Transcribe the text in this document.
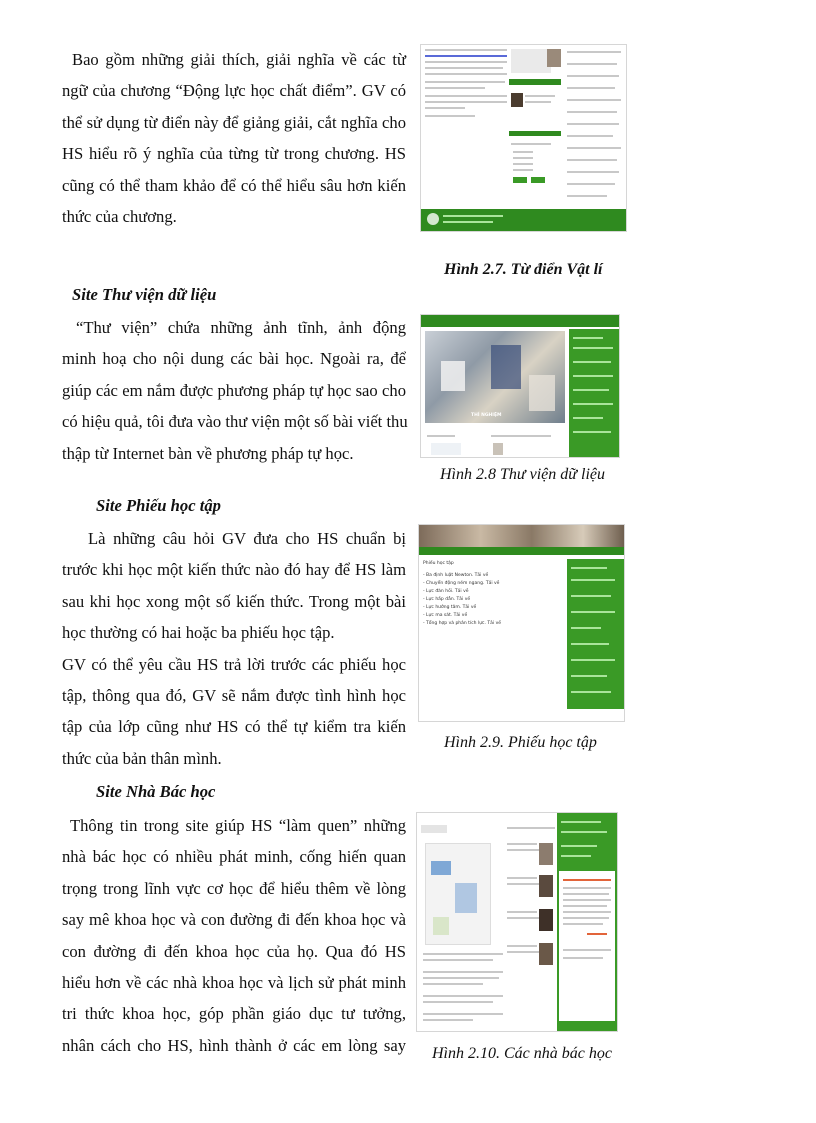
Bao gồm những giải thích, giải nghĩa về các từ
ngữ của chương “Động lực học chất điểm”. GV có
thể sử dụng từ điển này để giảng giải, cắt nghĩa cho
HS hiểu rõ ý nghĩa của từng từ trong chương. HS
cũng có thể tham khảo để có thể hiểu sâu hơn kiến
thức của chương.
Site Thư viện dữ liệu
“Thư viện” chứa những ảnh tĩnh, ảnh động
minh hoạ cho nội dung các bài học. Ngoài ra, để
giúp các em nắm được phương pháp tự học sao cho
có hiệu quả, tôi đưa vào thư viện một số bài viết thu
thập từ Internet bàn về phương pháp tự học.
Site Phiếu học tập
Là những câu hỏi GV đưa cho HS chuẩn bị
trước khi học một kiến thức nào đó hay để HS làm
sau khi học xong một số kiến thức. Trong một bài
học thường có hai hoặc ba phiếu học tập.
GV có thể yêu cầu HS trả lời trước các phiếu học
tập, thông qua đó, GV sẽ nắm được tình hình học
tập của lớp cũng như HS có thể tự kiểm tra kiến
thức của bản thân mình.
Site Nhà Bác học
Thông tin trong site giúp HS “làm quen” những
nhà bác học có nhiều phát minh, cống hiến quan
trọng trong lĩnh vực cơ học để hiểu thêm về lòng
say mê khoa học và con đường đi đến khoa học và
con đường đi đến khoa học của họ. Qua đó HS
hiểu hơn về các nhà khoa học và lịch sử phát minh
tri thức khoa học, góp phần giáo dục tư tưởng,
nhân cách cho HS, hình thành ở các em lòng say

Hình 2.7. Từ điển Vật lí

THÍ NGHIỆM

Hình 2.8 Thư viện dữ liệu

Phiếu học tập
- Ba định luật Newton. Tải về
- Chuyển động ném ngang. Tải về
- Lực đàn hồi. Tải về
- Lực hấp dẫn. Tải về
- Lực hướng tâm. Tải về
- Lực ma sát. Tải về
- Tổng hợp và phân tích lực. Tải về

Hình 2.9. Phiếu học tập

Hình 2.10. Các nhà bác học
